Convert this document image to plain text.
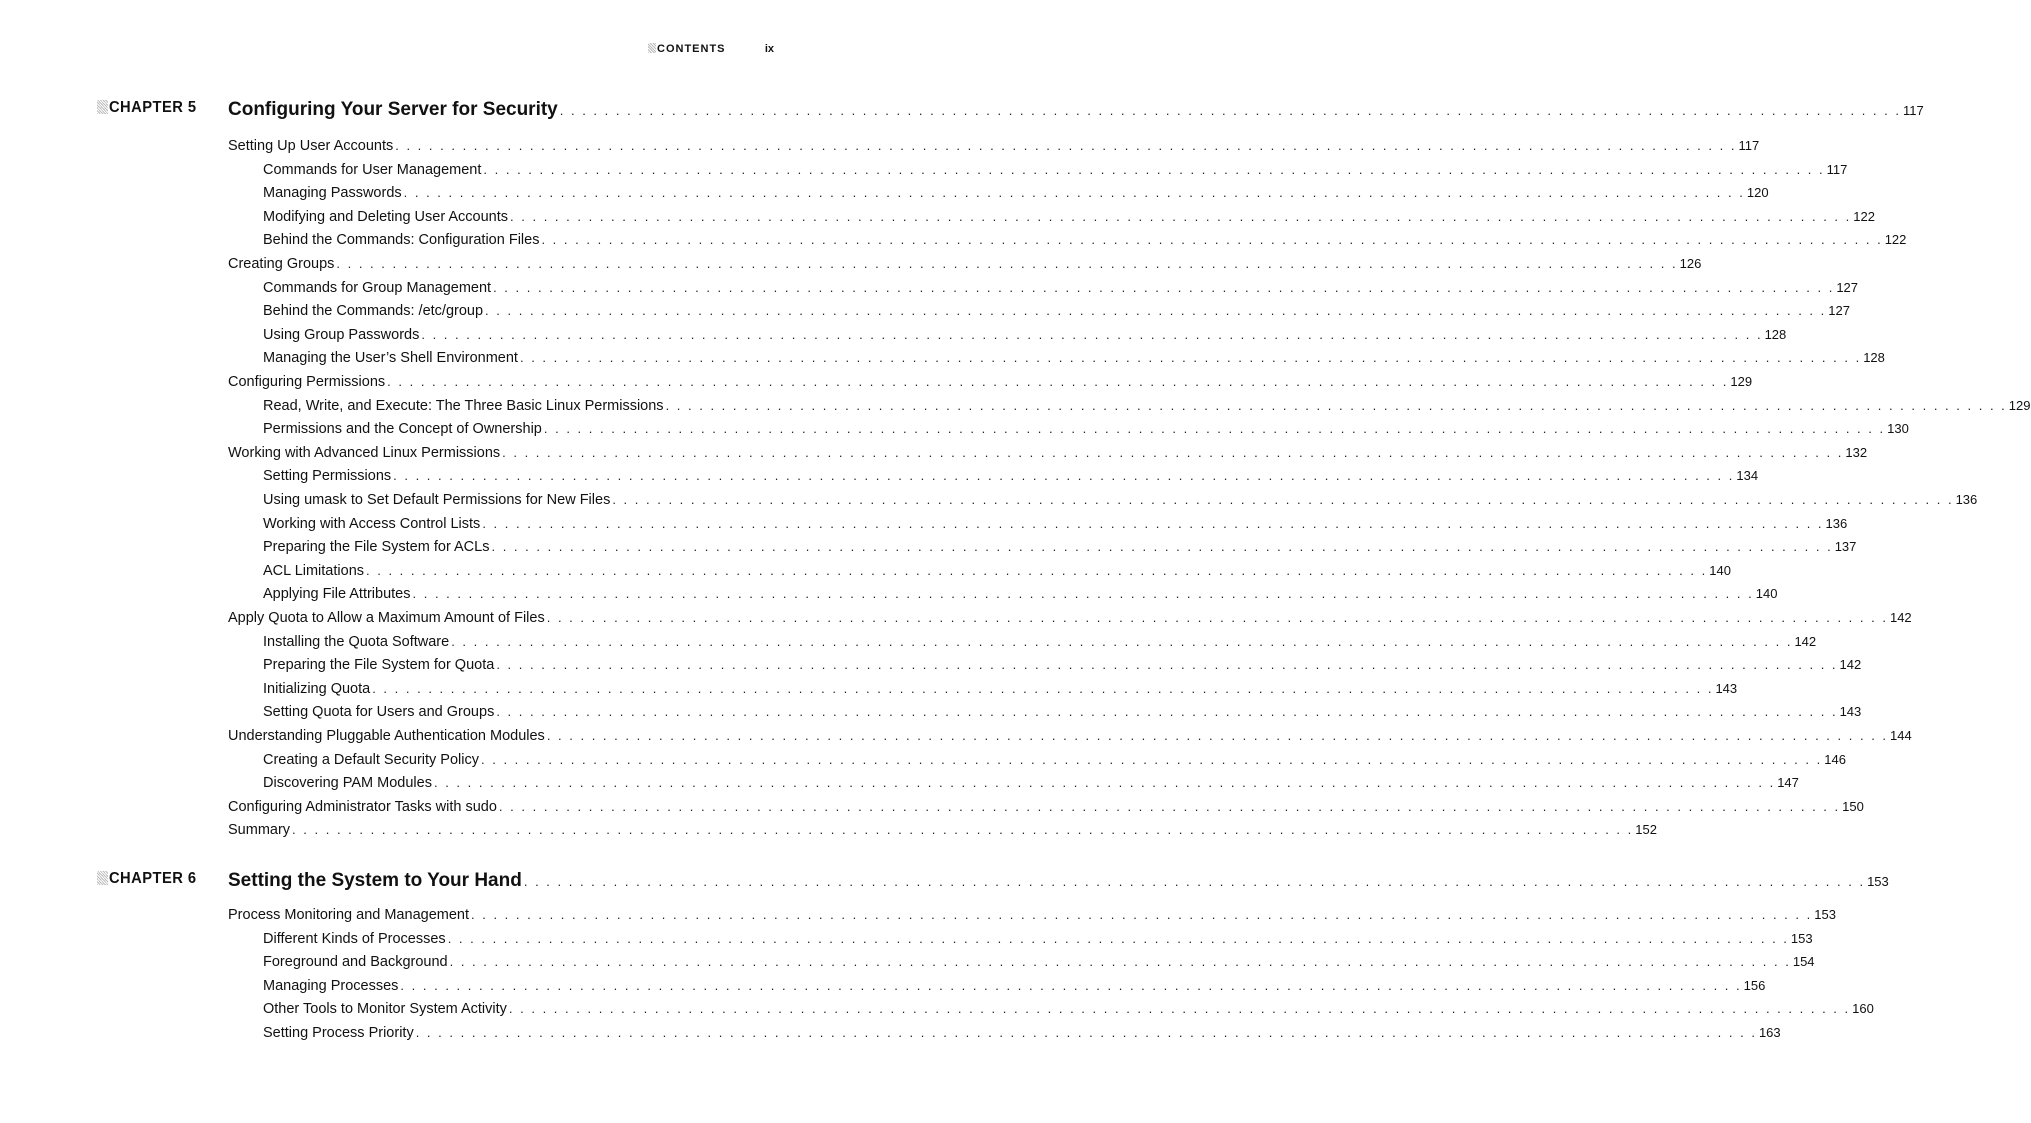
CONTENTS	ix
CHAPTER 5 Configuring Your Server for Security . . . . . . . . . . . . . . . . . . . . . . . . . . . . . . . . . . . . . . . . . . . . . . . . . . . . . . . . . . . . . . . . . . . . . . . . . . . . . . . . . . . . . . . . . . . . . . . . . . . . . . . . . . . . . . . . . . . . . . . . 117
Setting Up User Accounts . . . . . . . . . . . . . . . . . . . . . . . . . . . . . . . . . . . . . . . . . . . . . . . . . . . . . . . . . . . . . . . . . . . . . . . . . . . . . . . . . . . . . . . . . . . . . . . . . . . . . . . . . . . . . . . . . . . . . . . . 117
Commands for User Management . . . . . . . . . . . . . . . . . . . . . . . . . . . . . . . . . . . . . . . . . . . . . . . . . . . . . . . . . . . . . . . . . . . . . . . . . . . . . . . . . . . . . . . . . . . . . . . . . . . . . . . . . . . . . . . . . . . . . . . . 117
Managing Passwords . . . . . . . . . . . . . . . . . . . . . . . . . . . . . . . . . . . . . . . . . . . . . . . . . . . . . . . . . . . . . . . . . . . . . . . . . . . . . . . . . . . . . . . . . . . . . . . . . . . . . . . . . . . . . . . . . . . . . . . . 120
Modifying and Deleting User Accounts . . . . . . . . . . . . . . . . . . . . . . . . . . . . . . . . . . . . . . . . . . . . . . . . . . . . . . . . . . . . . . . . . . . . . . . . . . . . . . . . . . . . . . . . . . . . . . . . . . . . . . . . . . . . . . . . . . . . . . . . 122
Behind the Commands: Configuration Files . . . . . . . . . . . . . . . . . . . . . . . . . . . . . . . . . . . . . . . . . . . . . . . . . . . . . . . . . . . . . . . . . . . . . . . . . . . . . . . . . . . . . . . . . . . . . . . . . . . . . . . . . . . . . . . . . . . . . . . . 122
Creating Groups . . . . . . . . . . . . . . . . . . . . . . . . . . . . . . . . . . . . . . . . . . . . . . . . . . . . . . . . . . . . . . . . . . . . . . . . . . . . . . . . . . . . . . . . . . . . . . . . . . . . . . . . . . . . . . . . . . . . . . . . 126
Commands for Group Management . . . . . . . . . . . . . . . . . . . . . . . . . . . . . . . . . . . . . . . . . . . . . . . . . . . . . . . . . . . . . . . . . . . . . . . . . . . . . . . . . . . . . . . . . . . . . . . . . . . . . . . . . . . . . . . . . . . . . . . . 127
Behind the Commands: /etc/group . . . . . . . . . . . . . . . . . . . . . . . . . . . . . . . . . . . . . . . . . . . . . . . . . . . . . . . . . . . . . . . . . . . . . . . . . . . . . . . . . . . . . . . . . . . . . . . . . . . . . . . . . . . . . . . . . . . . . . . . 127
Using Group Passwords . . . . . . . . . . . . . . . . . . . . . . . . . . . . . . . . . . . . . . . . . . . . . . . . . . . . . . . . . . . . . . . . . . . . . . . . . . . . . . . . . . . . . . . . . . . . . . . . . . . . . . . . . . . . . . . . . . . . . . . . 128
Managing the User’s Shell Environment . . . . . . . . . . . . . . . . . . . . . . . . . . . . . . . . . . . . . . . . . . . . . . . . . . . . . . . . . . . . . . . . . . . . . . . . . . . . . . . . . . . . . . . . . . . . . . . . . . . . . . . . . . . . . . . . . . . . . . . . 128
Configuring Permissions . . . . . . . . . . . . . . . . . . . . . . . . . . . . . . . . . . . . . . . . . . . . . . . . . . . . . . . . . . . . . . . . . . . . . . . . . . . . . . . . . . . . . . . . . . . . . . . . . . . . . . . . . . . . . . . . . . . . . . . . 129
Read, Write, and Execute: The Three Basic Linux Permissions . . . . . . . . . . . . . . . . . . . . . . . . . . . . . . . . . . . . . . . . . . . . . . . . . . . . . . . . . . . . . . . . . . . . . . . . . . . . . . . . . . . . . . . . . . . . . . . . . . . . . . . . . . . . . . . . . . . . . . . . 129
Permissions and the Concept of Ownership . . . . . . . . . . . . . . . . . . . . . . . . . . . . . . . . . . . . . . . . . . . . . . . . . . . . . . . . . . . . . . . . . . . . . . . . . . . . . . . . . . . . . . . . . . . . . . . . . . . . . . . . . . . . . . . . . . . . . . . . 130
Working with Advanced Linux Permissions . . . . . . . . . . . . . . . . . . . . . . . . . . . . . . . . . . . . . . . . . . . . . . . . . . . . . . . . . . . . . . . . . . . . . . . . . . . . . . . . . . . . . . . . . . . . . . . . . . . . . . . . . . . . . . . . . . . . . . . . 132
Setting Permissions . . . . . . . . . . . . . . . . . . . . . . . . . . . . . . . . . . . . . . . . . . . . . . . . . . . . . . . . . . . . . . . . . . . . . . . . . . . . . . . . . . . . . . . . . . . . . . . . . . . . . . . . . . . . . . . . . . . . . . . . 134
Using umask to Set Default Permissions for New Files . . . . . . . . . . . . . . . . . . . . . . . . . . . . . . . . . . . . . . . . . . . . . . . . . . . . . . . . . . . . . . . . . . . . . . . . . . . . . . . . . . . . . . . . . . . . . . . . . . . . . . . . . . . . . . . . . . . . . . . . 136
Working with Access Control Lists . . . . . . . . . . . . . . . . . . . . . . . . . . . . . . . . . . . . . . . . . . . . . . . . . . . . . . . . . . . . . . . . . . . . . . . . . . . . . . . . . . . . . . . . . . . . . . . . . . . . . . . . . . . . . . . . . . . . . . . . 136
Preparing the File System for ACLs . . . . . . . . . . . . . . . . . . . . . . . . . . . . . . . . . . . . . . . . . . . . . . . . . . . . . . . . . . . . . . . . . . . . . . . . . . . . . . . . . . . . . . . . . . . . . . . . . . . . . . . . . . . . . . . . . . . . . . . . 137
ACL Limitations . . . . . . . . . . . . . . . . . . . . . . . . . . . . . . . . . . . . . . . . . . . . . . . . . . . . . . . . . . . . . . . . . . . . . . . . . . . . . . . . . . . . . . . . . . . . . . . . . . . . . . . . . . . . . . . . . . . . . . . . 140
Applying File Attributes . . . . . . . . . . . . . . . . . . . . . . . . . . . . . . . . . . . . . . . . . . . . . . . . . . . . . . . . . . . . . . . . . . . . . . . . . . . . . . . . . . . . . . . . . . . . . . . . . . . . . . . . . . . . . . . . . . . . . . . . 140
Apply Quota to Allow a Maximum Amount of Files . . . . . . . . . . . . . . . . . . . . . . . . . . . . . . . . . . . . . . . . . . . . . . . . . . . . . . . . . . . . . . . . . . . . . . . . . . . . . . . . . . . . . . . . . . . . . . . . . . . . . . . . . . . . . . . . . . . . . . . . 142
Installing the Quota Software . . . . . . . . . . . . . . . . . . . . . . . . . . . . . . . . . . . . . . . . . . . . . . . . . . . . . . . . . . . . . . . . . . . . . . . . . . . . . . . . . . . . . . . . . . . . . . . . . . . . . . . . . . . . . . . . . . . . . . . . 142
Preparing the File System for Quota . . . . . . . . . . . . . . . . . . . . . . . . . . . . . . . . . . . . . . . . . . . . . . . . . . . . . . . . . . . . . . . . . . . . . . . . . . . . . . . . . . . . . . . . . . . . . . . . . . . . . . . . . . . . . . . . . . . . . . . . 142
Initializing Quota . . . . . . . . . . . . . . . . . . . . . . . . . . . . . . . . . . . . . . . . . . . . . . . . . . . . . . . . . . . . . . . . . . . . . . . . . . . . . . . . . . . . . . . . . . . . . . . . . . . . . . . . . . . . . . . . . . . . . . . . 143
Setting Quota for Users and Groups . . . . . . . . . . . . . . . . . . . . . . . . . . . . . . . . . . . . . . . . . . . . . . . . . . . . . . . . . . . . . . . . . . . . . . . . . . . . . . . . . . . . . . . . . . . . . . . . . . . . . . . . . . . . . . . . . . . . . . . . 143
Understanding Pluggable Authentication Modules . . . . . . . . . . . . . . . . . . . . . . . . . . . . . . . . . . . . . . . . . . . . . . . . . . . . . . . . . . . . . . . . . . . . . . . . . . . . . . . . . . . . . . . . . . . . . . . . . . . . . . . . . . . . . . . . . . . . . . . . 144
Creating a Default Security Policy . . . . . . . . . . . . . . . . . . . . . . . . . . . . . . . . . . . . . . . . . . . . . . . . . . . . . . . . . . . . . . . . . . . . . . . . . . . . . . . . . . . . . . . . . . . . . . . . . . . . . . . . . . . . . . . . . . . . . . . . 146
Discovering PAM Modules . . . . . . . . . . . . . . . . . . . . . . . . . . . . . . . . . . . . . . . . . . . . . . . . . . . . . . . . . . . . . . . . . . . . . . . . . . . . . . . . . . . . . . . . . . . . . . . . . . . . . . . . . . . . . . . . . . . . . . . . 147
Configuring Administrator Tasks with sudo . . . . . . . . . . . . . . . . . . . . . . . . . . . . . . . . . . . . . . . . . . . . . . . . . . . . . . . . . . . . . . . . . . . . . . . . . . . . . . . . . . . . . . . . . . . . . . . . . . . . . . . . . . . . . . . . . . . . . . . . 150
Summary . . . . . . . . . . . . . . . . . . . . . . . . . . . . . . . . . . . . . . . . . . . . . . . . . . . . . . . . . . . . . . . . . . . . . . . . . . . . . . . . . . . . . . . . . . . . . . . . . . . . . . . . . . . . . . . . . . . . . . . . 152
CHAPTER 6 Setting the System to Your Hand . . . . . . . . . . . . . . . . . . . . . . . . . . . . . . . . . . . . . . . . . . . . . . . . . . . . . . . . . . . . . . . . . . . . . . . . . . . . . . . . . . . . . . . . . . . . . . . . . . . . . . . . . . . . . . . . . . . . . . . . 153
Process Monitoring and Management . . . . . . . . . . . . . . . . . . . . . . . . . . . . . . . . . . . . . . . . . . . . . . . . . . . . . . . . . . . . . . . . . . . . . . . . . . . . . . . . . . . . . . . . . . . . . . . . . . . . . . . . . . . . . . . . . . . . . . . . 153
Different Kinds of Processes . . . . . . . . . . . . . . . . . . . . . . . . . . . . . . . . . . . . . . . . . . . . . . . . . . . . . . . . . . . . . . . . . . . . . . . . . . . . . . . . . . . . . . . . . . . . . . . . . . . . . . . . . . . . . . . . . . . . . . . . 153
Foreground and Background . . . . . . . . . . . . . . . . . . . . . . . . . . . . . . . . . . . . . . . . . . . . . . . . . . . . . . . . . . . . . . . . . . . . . . . . . . . . . . . . . . . . . . . . . . . . . . . . . . . . . . . . . . . . . . . . . . . . . . . . 154
Managing Processes . . . . . . . . . . . . . . . . . . . . . . . . . . . . . . . . . . . . . . . . . . . . . . . . . . . . . . . . . . . . . . . . . . . . . . . . . . . . . . . . . . . . . . . . . . . . . . . . . . . . . . . . . . . . . . . . . . . . . . . . 156
Other Tools to Monitor System Activity . . . . . . . . . . . . . . . . . . . . . . . . . . . . . . . . . . . . . . . . . . . . . . . . . . . . . . . . . . . . . . . . . . . . . . . . . . . . . . . . . . . . . . . . . . . . . . . . . . . . . . . . . . . . . . . . . . . . . . . . 160
Setting Process Priority . . . . . . . . . . . . . . . . . . . . . . . . . . . . . . . . . . . . . . . . . . . . . . . . . . . . . . . . . . . . . . . . . . . . . . . . . . . . . . . . . . . . . . . . . . . . . . . . . . . . . . . . . . . . . . . . . . . . . . . . 163
